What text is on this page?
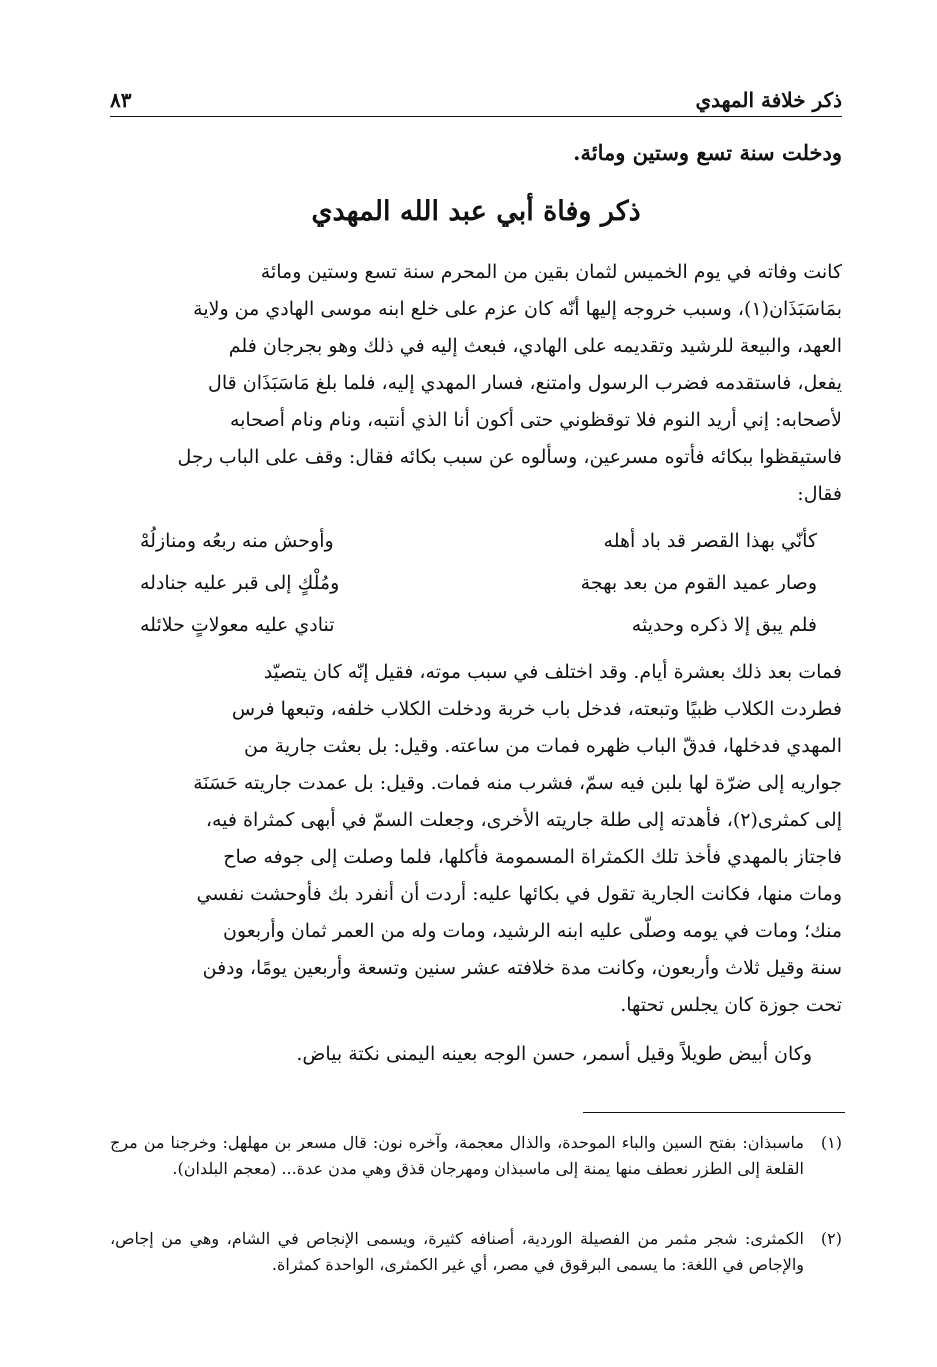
٨٣	ذكر خلافة المهدي
ودخلت سنة تسع وستين ومائة.
ذكر وفاة أبي عبد الله المهدي
كانت وفاته في يوم الخميس لثمان بقين من المحرم سنة تسع وستين ومائة
بمَاسَبَذَان(١)، وسبب خروجه إليها أنّه كان عزم على خلع ابنه موسى الهادي من ولاية
العهد، والبيعة للرشيد وتقديمه على الهادي، فبعث إليه في ذلك وهو بجرجان فلم
يفعل، فاستقدمه فضرب الرسول وامتنع، فسار المهدي إليه، فلما بلغ مَاسَبَذَان قال
لأصحابه: إني أريد النوم فلا توقظوني حتى أكون أنا الذي أنتبه، ونام ونام أصحابه
فاستيقظوا ببكائه فأتوه مسرعين، وسألوه عن سبب بكائه فقال: وقف على الباب رجل
فقال:
كأنّي بهذا القصر قد باد أهله
وأوحش منه ربعُه ومنازلُهْ
وصار عميد القوم من بعد بهجة
ومُلْكٍ إلى قبر عليه جنادله
فلم يبق إلا ذكره وحديثه
تنادي عليه معولاتٍ حلائله
فمات بعد ذلك بعشرة أيام. وقد اختلف في سبب موته، فقيل إنّه كان يتصيّد
فطردت الكلاب ظبيًا وتبعته، فدخل باب خربة ودخلت الكلاب خلفه، وتبعها فرس
المهدي فدخلها، فدقّ الباب ظهره فمات من ساعته. وقيل: بل بعثت جارية من
جواريه إلى ضرّة لها بلبن فيه سمّ، فشرب منه فمات. وقيل: بل عمدت جاريته حَسَنَة
إلى كمثرى(٢)، فأهدته إلى طلة جاريته الأخرى، وجعلت السمّ في أبهى كمثراة فيه،
فاجتاز بالمهدي فأخذ تلك الكمثراة المسمومة فأكلها، فلما وصلت إلى جوفه صاح
ومات منها، فكانت الجارية تقول في بكائها عليه: أردت أن أنفرد بك فأوحشت نفسي
منك؛ ومات في يومه وصلّى عليه ابنه الرشيد، ومات وله من العمر ثمان وأربعون
سنة وقيل ثلاث وأربعون، وكانت مدة خلافته عشر سنين وتسعة وأربعين يومًا، ودفن
تحت جوزة كان يجلس تحتها.
وكان أبيض طويلاً وقيل أسمر، حسن الوجه بعينه اليمنى نكتة بياض.
(١)
ماسبذان: بفتح السين والباء الموحدة، والذال معجمة، وآخره نون: قال مسعر بن مهلهل: وخرجنا من مرج القلعة إلى الطزر نعطف منها يمنة إلى ماسبذان ومهرجان قذق وهي مدن عدة... (معجم البلدان).
(٢)
الكمثرى: شجر مثمر من الفصيلة الوردية، أصنافه كثيرة، ويسمى الإنجاص في الشام، وهي من إجاص، والإجاص في اللغة: ما يسمى البرقوق في مصر، أي غير الكمثرى، الواحدة كمثراة.
